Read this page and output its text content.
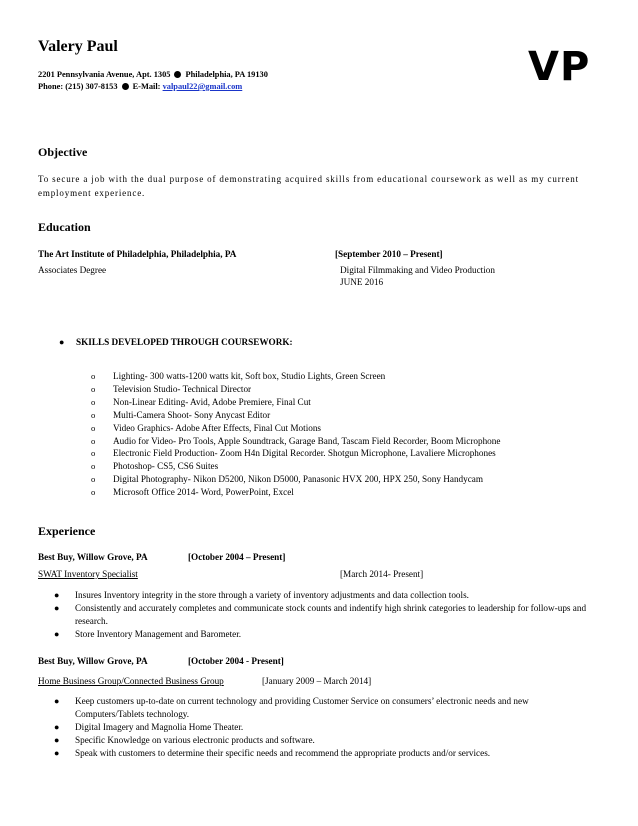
Valery Paul
2201 Pennsylvania Avenue, Apt. 1305 Philadelphia, PA 19130
Phone: (215) 307-8153 E-Mail: valpaul22@gmail.com	VP
Objective
To secure a job with the dual purpose of demonstrating acquired skills from educational coursework as well as my current employment experience.
Education
The Art Institute of Philadelphia, Philadelphia, PA	[September 2010 – Present]
Associates Degree	Digital Filmmaking and Video Production
JUNE 2016
● SKILLS DEVELOPED THROUGH COURSEWORK:
o Lighting- 300 watts-1200 watts kit, Soft box, Studio Lights, Green Screen
o Television Studio- Technical Director
o Non-Linear Editing- Avid, Adobe Premiere, Final Cut
o Multi-Camera Shoot- Sony Anycast Editor
o Video Graphics- Adobe After Effects, Final Cut Motions
o Audio for Video- Pro Tools, Apple Soundtrack, Garage Band, Tascam Field Recorder, Boom Microphone
o Electronic Field Production- Zoom H4n Digital Recorder. Shotgun Microphone, Lavaliere Microphones
o Photoshop- CS5, CS6 Suites
o Digital Photography- Nikon D5200, Nikon D5000, Panasonic HVX 200, HPX 250, Sony Handycam
o Microsoft Office 2014- Word, PowerPoint, Excel
Experience
Best Buy, Willow Grove, PA	[October 2004 – Present]
SWAT Inventory Specialist	[March 2014- Present]
● Insures Inventory integrity in the store through a variety of inventory adjustments and data collection tools.
● Consistently and accurately completes and communicate stock counts and indentify high shrink categories to leadership for follow-ups and research.
● Store Inventory Management and Barometer.
Best Buy, Willow Grove, PA	[October 2004 - Present]
Home Business Group/Connected Business Group	[January 2009 – March 2014]
● Keep customers up-to-date on current technology and providing Customer Service on consumers’ electronic needs and new Computers/Tablets technology.
● Digital Imagery and Magnolia Home Theater.
● Specific Knowledge on various electronic products and software.
● Speak with customers to determine their specific needs and recommend the appropriate products and/or services.
